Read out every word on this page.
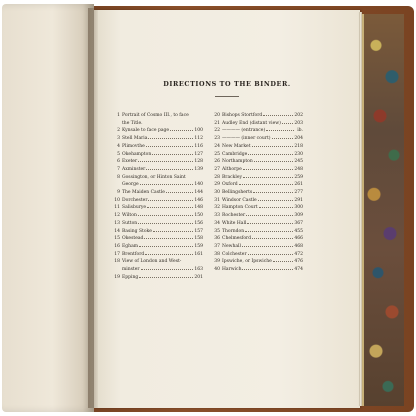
DIRECTIONS TO THE BINDER.
1 Portrait of Cosmo III., to face
the Title.
2 Kynsale to face page	100
3 Stell Maria	112
4 Plimovthe	116
5 Okehampton	127
6 Exeter	128
7 Axminster	139
8 Gossington, or Hinton Saint
George	140
9 The Maiden Castle	144
10 Dorchester	146
11 Salisburye	148
12 Wilton	150
13 Sutton	156
14 Basing Stoke	157
15 Okestead	158
16 Egham	159
17 Brentford	161
18 View of London and West-
minster	163
19 Epping	201
20 Bishops Stortford	202
21 Audley End (distant view)	203
22 ———— (entrance)	ib.
23 ———— (inner court)	204
24 New Market	218
25 Cambridge	230
26 Northampton	245
27 Althorpe	248
28 Brackley	259
29 Oxford	261
30 Bellingsherts	277
31 Windsor Castle	291
32 Hampton Court	300
33 Rochester	309
34 White Hall	367
35 Thorndon	455
36 Chelmesford	466
37 Newhall	468
38 Colchester	472
39 Ipswiche, or Ipswiche	476
40 Harwich	474
